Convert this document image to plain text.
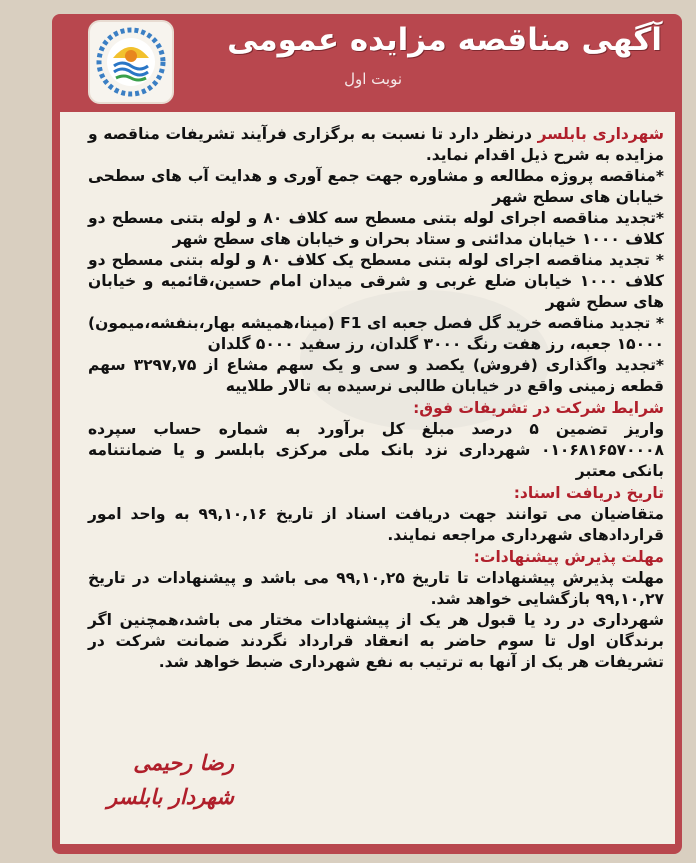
آگهی مناقصه مزایده عمومی
نوبت اول

شهرداری بابلسر درنظر دارد تا نسبت به برگزاری فرآیند تشریفات مناقصه و مزایده به شرح ذیل اقدام نماید.

*مناقصه پروژه مطالعه و مشاوره جهت جمع آوری و هدایت آب های سطحی خیابان های سطح شهر

*تجدید مناقصه اجرای لوله بتنی مسطح سه کلاف ۸۰ و لوله بتنی مسطح دو کلاف ۱۰۰۰ خیابان مدائنی و ستاد بحران و خیابان های سطح شهر

* تجدید مناقصه اجرای لوله بتنی مسطح یک کلاف ۸۰ و لوله بتنی مسطح دو کلاف ۱۰۰۰ خیابان ضلع غربی و شرقی میدان امام حسین،قائمیه و خیابان های سطح شهر

* تجدید مناقصه خرید گل فصل جعبه ای F1 (مینا،همیشه بهار،بنفشه،میمون) ۱۵۰۰۰ جعبه، رز هفت رنگ ۳۰۰۰ گلدان، رز سفید ۵۰۰۰ گلدان

*تجدید واگذاری (فروش) یکصد و سی و یک سهم مشاع از ۳۲۹۷,۷۵ سهم قطعه زمینی واقع در خیابان طالبی نرسیده به تالار طلاییه

شرایط شرکت در تشریفات فوق:

واریز تضمین ۵ درصد مبلغ کل برآورد به شماره حساب سپرده ۰۱۰۶۸۱۶۵۷۰۰۰۸ شهرداری نزد بانک ملی مرکزی بابلسر و یا ضمانتنامه بانکی معتبر

تاریخ دریافت اسناد:

متقاضیان می توانند جهت دریافت اسناد از تاریخ ۹۹,۱۰,۱۶ به واحد امور قراردادهای شهرداری مراجعه نمایند.

مهلت پذیرش پیشنهادات:

مهلت پذیرش پیشنهادات تا تاریخ ۹۹,۱۰,۲۵ می باشد و پیشنهادات در تاریخ ۹۹,۱۰,۲۷ بازگشایی خواهد شد.

شهرداری در رد یا قبول هر یک از پیشنهادات مختار می باشد،همچنین اگر برندگان اول تا سوم حاضر به انعقاد قرارداد نگردند ضمانت شرکت در تشریفات هر یک از آنها به ترتیب به نفع شهرداری ضبط خواهد شد.

رضا رحیمی
شهردار بابلسر
